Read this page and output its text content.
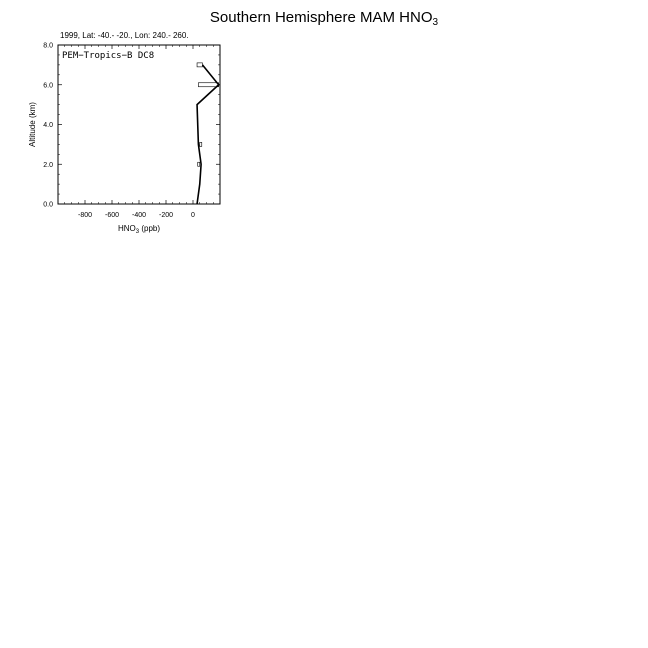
Southern Hemisphere MAM $HNO_3$
1999, Lat: -40.- -20., Lon: 240.- 260.
PEM−Tropics−B DC8
-800 -600 -400 -200	0
0.0
2.0
4.0
6.0
8.0
Altitude (km)
$HNO_3$ (ppb)
